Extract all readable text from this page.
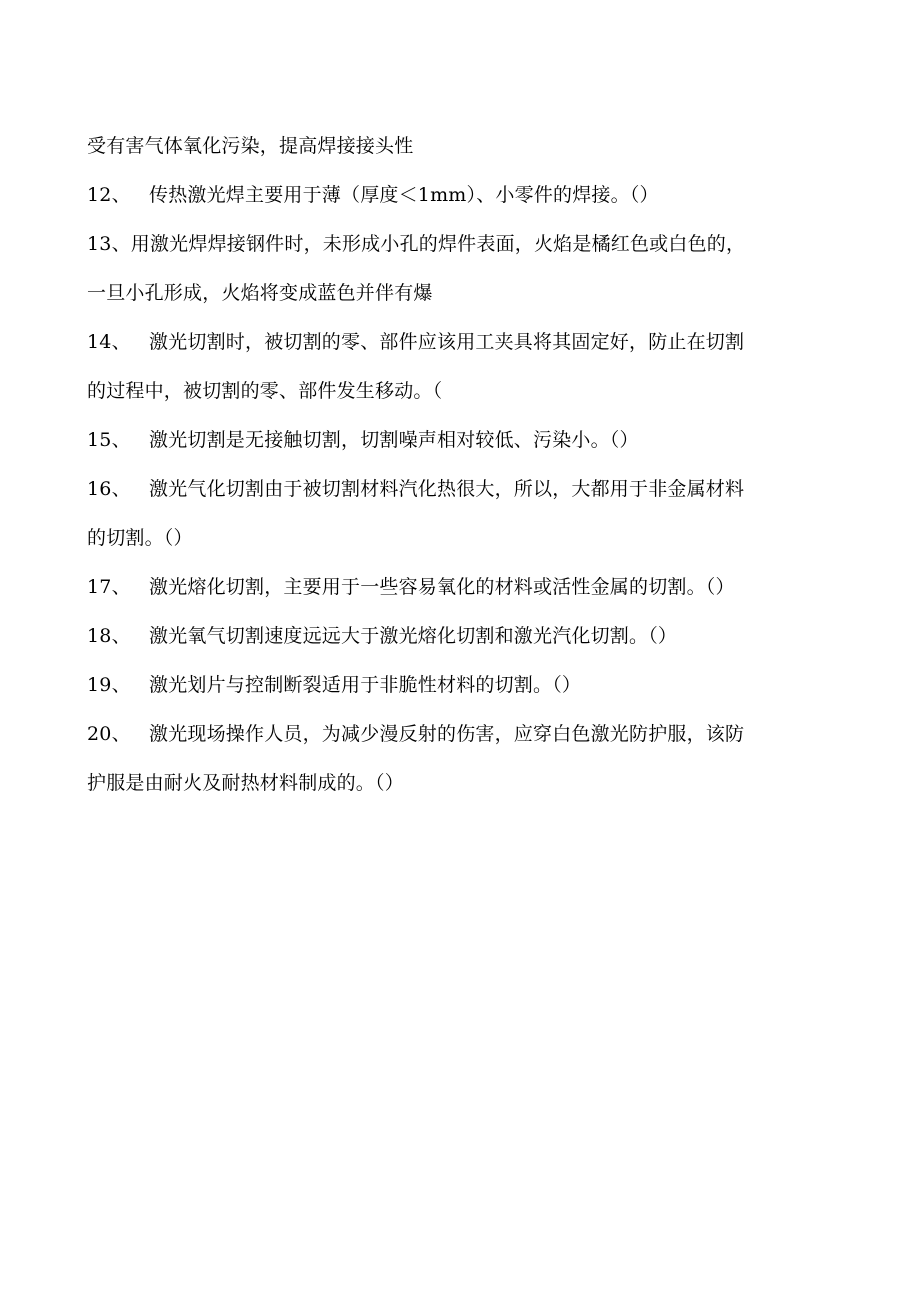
受有害气体氧化污染，提高焊接接头性
12、 传热激光焊主要用于薄（厚度＜1mm）、小零件的焊接。（）
13、用激光焊焊接钢件时，未形成小孔的焊件表面，火焰是橘红色或白色的，
一旦小孔形成，火焰将变成蓝色并伴有爆
14、 激光切割时，被切割的零、部件应该用工夹具将其固定好，防止在切割
的过程中，被切割的零、部件发生移动。（
15、 激光切割是无接触切割，切割噪声相对较低、污染小。（）
16、 激光气化切割由于被切割材料汽化热很大，所以，大都用于非金属材料
的切割。（）
17、 激光熔化切割，主要用于一些容易氧化的材料或活性金属的切割。（）
18、 激光氧气切割速度远远大于激光熔化切割和激光汽化切割。（）
19、 激光划片与控制断裂适用于非脆性材料的切割。（）
20、 激光现场操作人员，为减少漫反射的伤害，应穿白色激光防护服，该防
护服是由耐火及耐热材料制成的。（）
